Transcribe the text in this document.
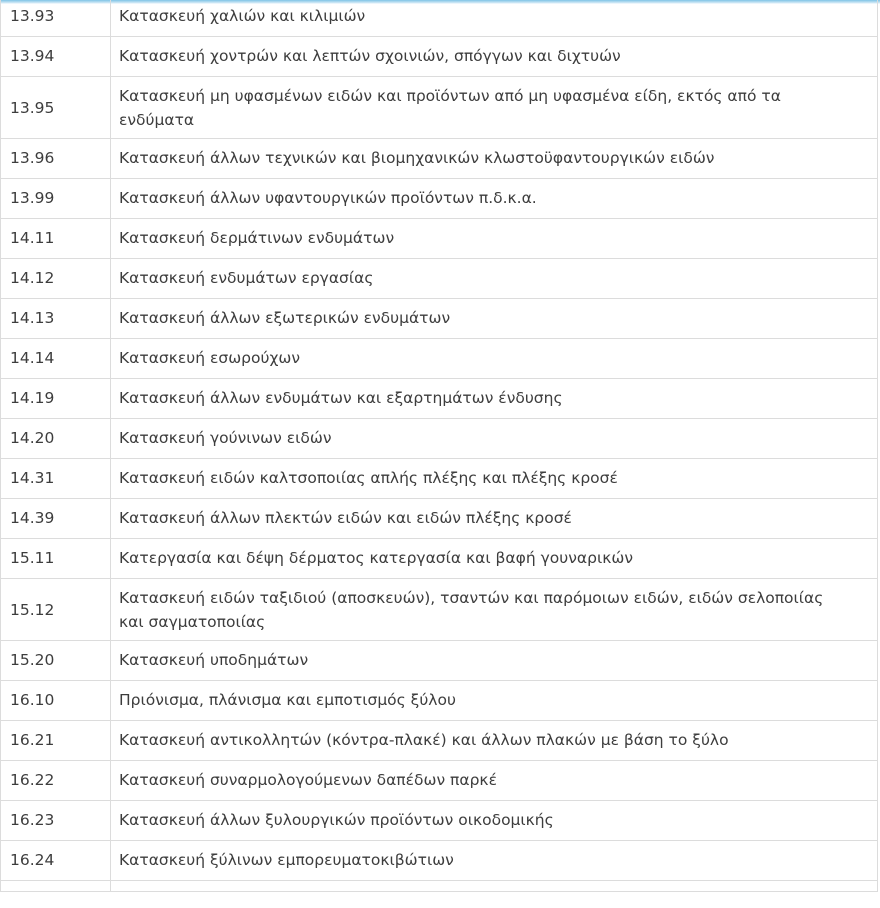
13.93	Κατασκευή χαλιών και κιλιμιών
13.94	Κατασκευή χοντρών και λεπτών σχοινιών, σπόγγων και διχτυών
13.95	Κατασκευή μη υφασμένων ειδών και προϊόντων από μη υφασμένα είδη, εκτός από τα ενδύματα
13.96	Κατασκευή άλλων τεχνικών και βιομηχανικών κλωστοϋφαντουργικών ειδών
13.99	Κατασκευή άλλων υφαντουργικών προϊόντων π.δ.κ.α.
14.11	Κατασκευή δερμάτινων ενδυμάτων
14.12	Κατασκευή ενδυμάτων εργασίας
14.13	Κατασκευή άλλων εξωτερικών ενδυμάτων
14.14	Κατασκευή εσωρούχων
14.19	Κατασκευή άλλων ενδυμάτων και εξαρτημάτων ένδυσης
14.20	Κατασκευή γούνινων ειδών
14.31	Κατασκευή ειδών καλτσοποιίας απλής πλέξης και πλέξης κροσέ
14.39	Κατασκευή άλλων πλεκτών ειδών και ειδών πλέξης κροσέ
15.11	Κατεργασία και δέψη δέρματος κατεργασία και βαφή γουναρικών
15.12	Κατασκευή ειδών ταξιδιού (αποσκευών), τσαντών και παρόμοιων ειδών, ειδών σελοποιίας και σαγματοποιίας
15.20	Κατασκευή υποδημάτων
16.10	Πριόνισμα, πλάνισμα και εμποτισμός ξύλου
16.21	Κατασκευή αντικολλητών (κόντρα-πλακέ) και άλλων πλακών με βάση το ξύλο
16.22	Κατασκευή συναρμολογούμενων δαπέδων παρκέ
16.23	Κατασκευή άλλων ξυλουργικών προϊόντων οικοδομικής
16.24	Κατασκευή ξύλινων εμπορευματοκιβώτιων
